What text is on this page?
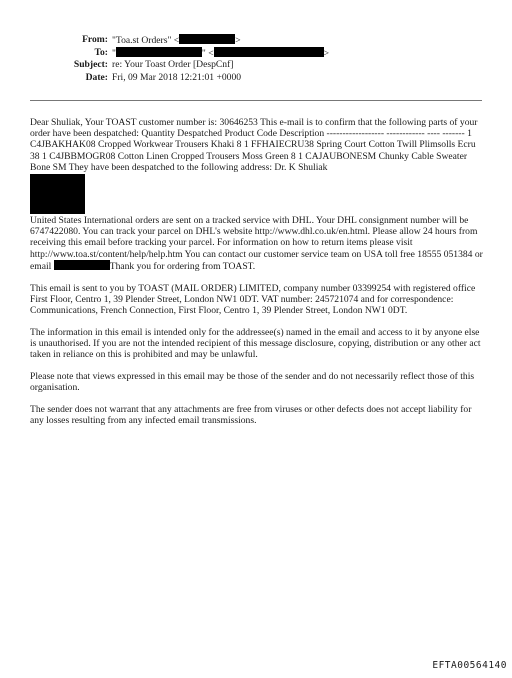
From: "Toa.st Orders" <	>
To: "	" <	>
Subject: re: Your Toast Order [DespCnf]
Date: Fri, 09 Mar 2018 12:21:01 +0000

Dear Shuliak, Your TOAST customer number is: 30646253 This e-mail is to confirm that the following parts of your order have been despatched: Quantity Despatched Product Code Description ------------------ ------------ ---- ------- 1 C4JBAKHAK08 Cropped Workwear Trousers Khaki 8 1 FFHAIECRU38 Spring Court Cotton Twill Plimsolls Ecru 38 1 C4JBBMOGR08 Cotton Linen Cropped Trousers Moss Green 8 1 CAJAUBONESM Chunky Cable Sweater Bone SM They have been despatched to the following address: Dr. K Shuliak
United States International orders are sent on a tracked service with DHL. Your DHL consignment number will be 6747422080. You can track your parcel on DHL's website http://www.dhl.co.uk/en.html. Please allow 24 hours from receiving this email before tracking your parcel. For information on how to return items please visit http://www.toa.st/content/help/help.htm You can contact our customer service team on USA toll free 18555 051384 or email	Thank you for ordering from TOAST.

This email is sent to you by TOAST (MAIL ORDER) LIMITED, company number 03399254 with registered office First Floor, Centro 1, 39 Plender Street, London NW1 0DT. VAT number: 245721074 and for correspondence: Communications, French Connection, First Floor, Centro 1, 39 Plender Street, London NW1 0DT.

The information in this email is intended only for the addressee(s) named in the email and access to it by anyone else is unauthorised. If you are not the intended recipient of this message disclosure, copying, distribution or any other act taken in reliance on this is prohibited and may be unlawful.

Please note that views expressed in this email may be those of the sender and do not necessarily reflect those of this organisation.

The sender does not warrant that any attachments are free from viruses or other defects does not accept liability for any losses resulting from any infected email transmissions.

EFTA00564140
